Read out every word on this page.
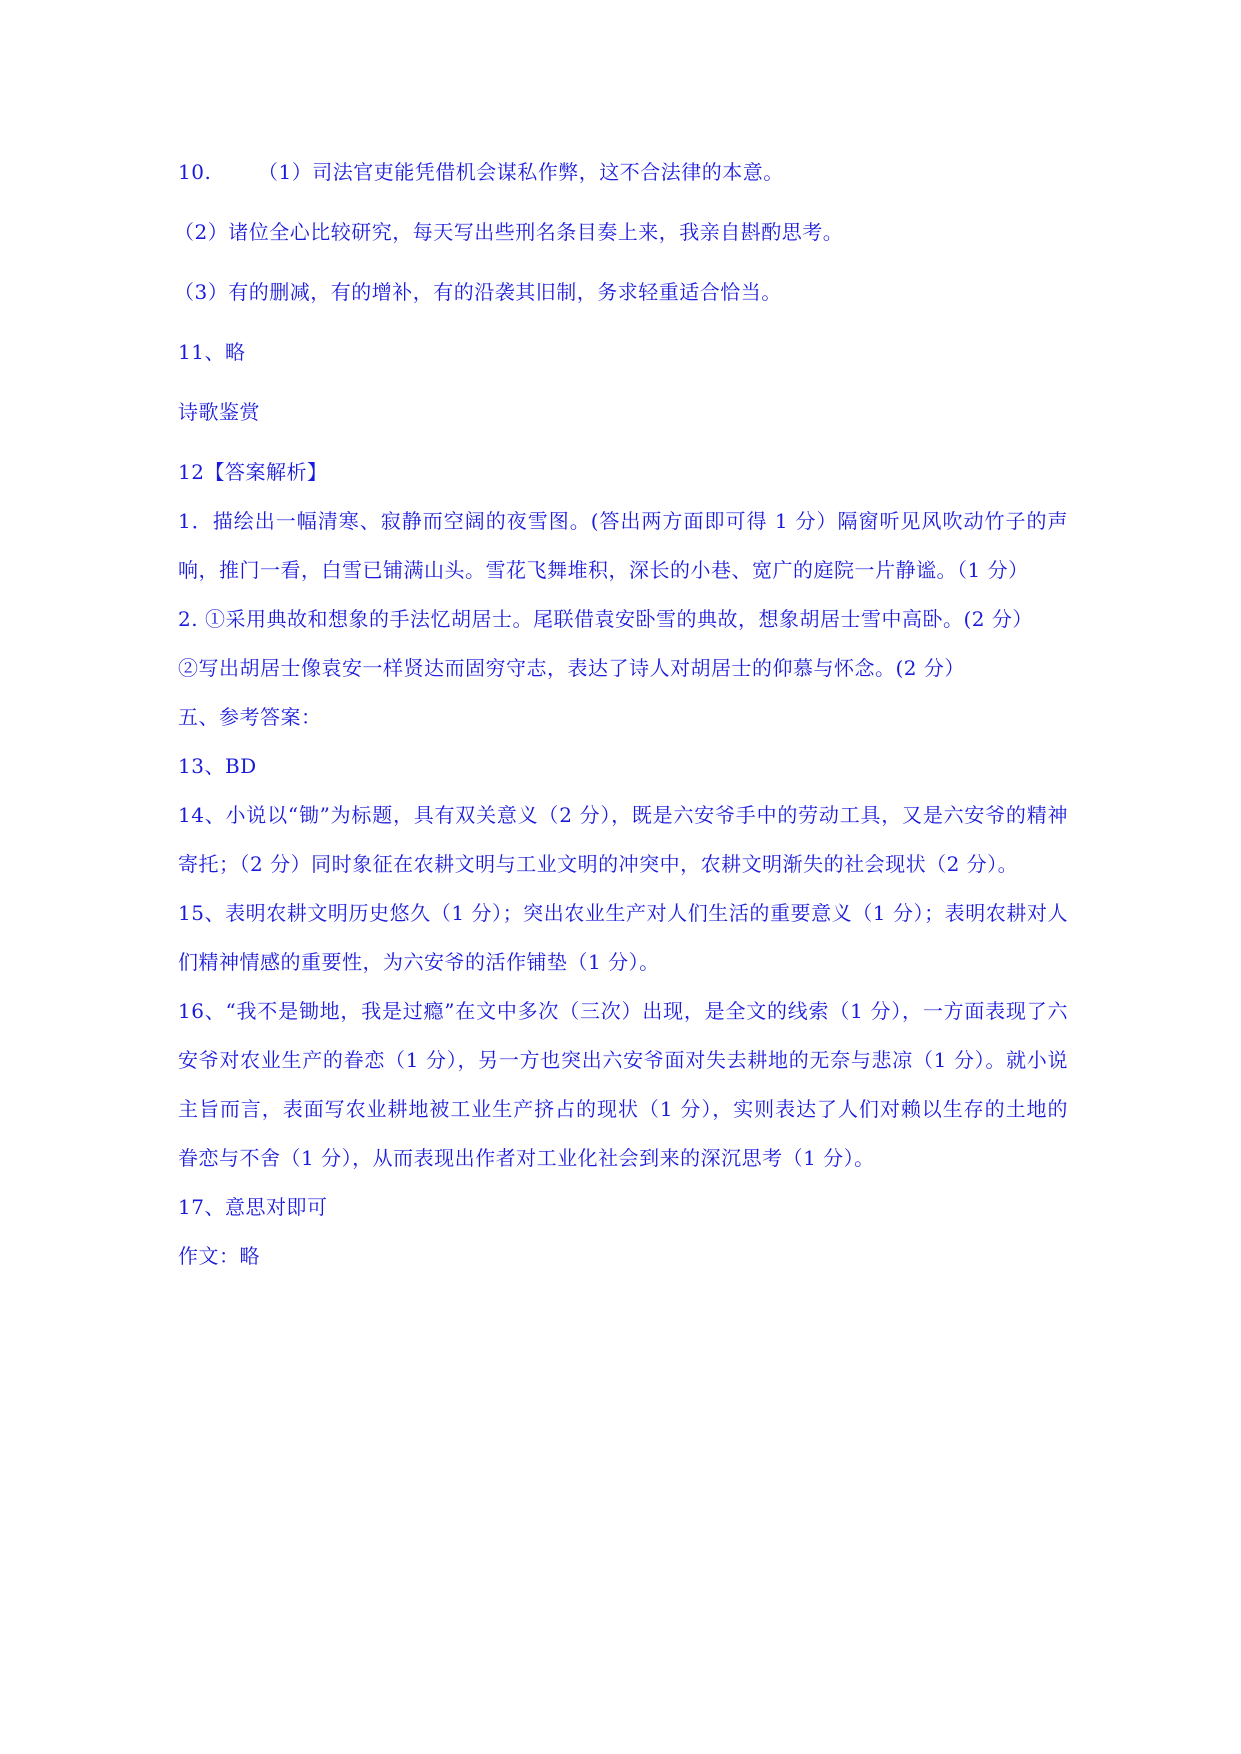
10. （1）司法官吏能凭借机会谋私作弊，这不合法律的本意。

（2）诸位全心比较研究，每天写出些刑名条目奏上来，我亲自斟酌思考。

（3）有的删减，有的增补，有的沿袭其旧制，务求轻重适合恰当。

11、略

诗歌鉴赏

12【答案解析】

1．描绘出一幅清寒、寂静而空阔的夜雪图。(答出两方面即可得 1 分）隔窗听见风吹动竹子的声响，推门一看，白雪已铺满山头。雪花飞舞堆积，深长的小巷、宽广的庭院一片静谧。（1 分）

2. ①采用典故和想象的手法忆胡居士。尾联借袁安卧雪的典故，想象胡居士雪中高卧。(2 分）

②写出胡居士像袁安一样贤达而固穷守志，表达了诗人对胡居士的仰慕与怀念。(2 分）

五、参考答案：

13、BD

14、小说以“锄”为标题，具有双关意义（2 分），既是六安爷手中的劳动工具，又是六安爷的精神寄托；（2 分）同时象征在农耕文明与工业文明的冲突中，农耕文明渐失的社会现状（2 分）。

15、表明农耕文明历史悠久（1 分）；突出农业生产对人们生活的重要意义（1 分）；表明农耕对人们精神情感的重要性，为六安爷的活作铺垫（1 分）。

16、“我不是锄地，我是过瘾”在文中多次（三次）出现，是全文的线索（1 分），一方面表现了六安爷对农业生产的眷恋（1 分），另一方也突出六安爷面对失去耕地的无奈与悲凉（1 分）。就小说主旨而言，表面写农业耕地被工业生产挤占的现状（1 分），实则表达了人们对赖以生存的土地的眷恋与不舍（1 分），从而表现出作者对工业化社会到来的深沉思考（1 分）。

17、意思对即可

作文：略
